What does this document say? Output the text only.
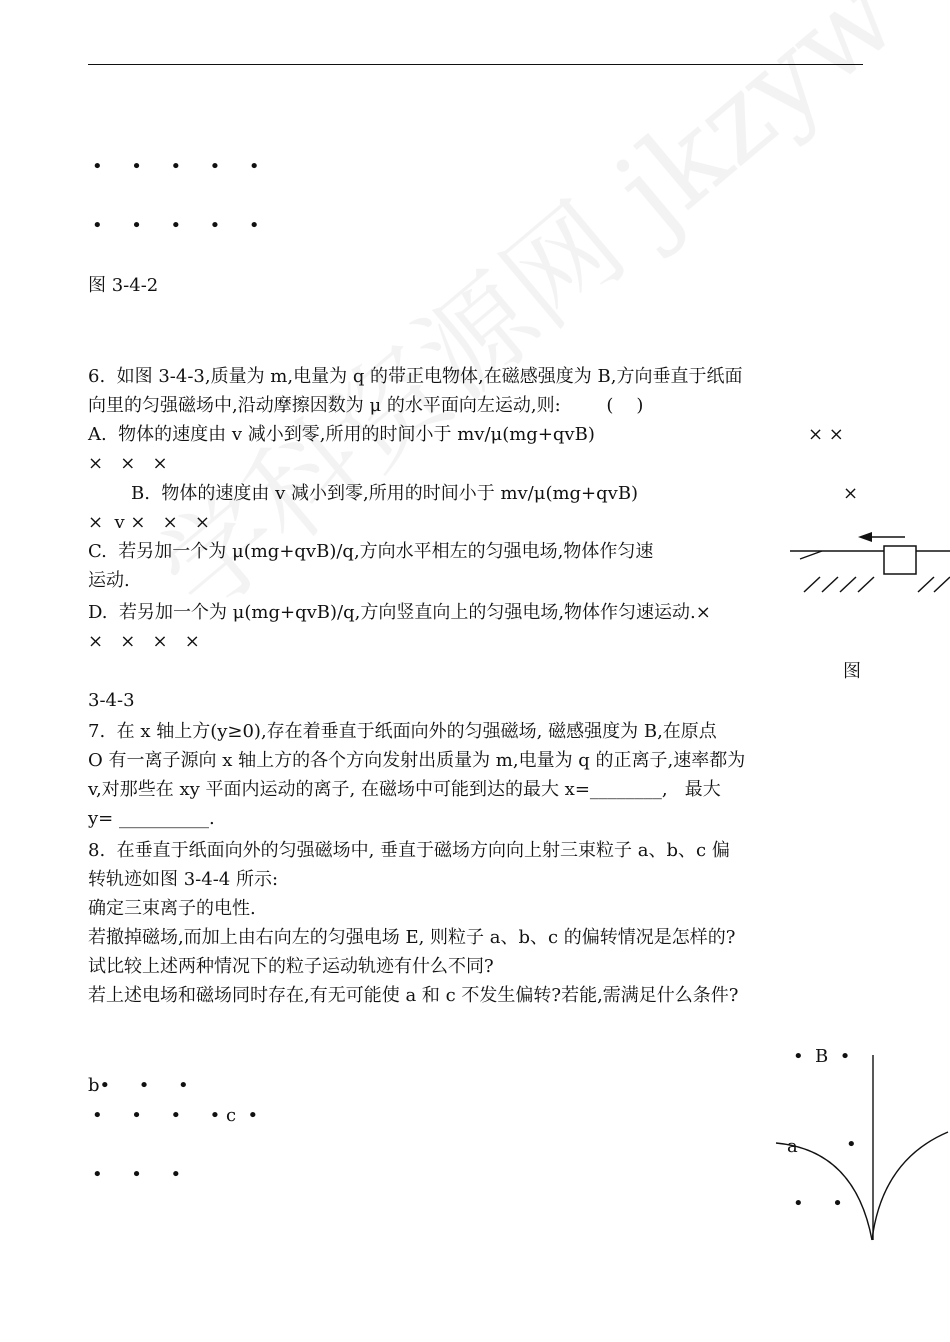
•     •     •     •     •
•     •     •     •     •
图 3-4-2
6.  如图 3-4-3,质量为 m,电量为 q 的带正电物体,在磁感强度为 B,方向垂直于纸面
向里的匀强磁场中,沿动摩擦因数为 μ 的水平面向左运动,则:        (    )
A.  物体的速度由 v 减小到零,所用的时间小于 mv/μ(mg+qvB)	× ×
×   ×   ×
B.  物体的速度由 v 减小到零,所用的时间小于 mv/μ(mg+qvB)	×
×  v ×   ×   ×
C.  若另加一个为 μ(mg+qvB)/q,方向水平相左的匀强电场,物体作匀速
运动.
D.  若另加一个为 μ(mg+qvB)/q,方向竖直向上的匀强电场,物体作匀速运动.×
×   ×   ×   ×
图
3-4-3
7.  在 x 轴上方(y≥0),存在着垂直于纸面向外的匀强磁场, 磁感强度为 B,在原点
O 有一离子源向 x 轴上方的各个方向发射出质量为 m,电量为 q 的正离子,速率都为
v,对那些在 xy 平面内运动的离子, 在磁场中可能到达的最大 x=________,   最大
y= __________.
8.  在垂直于纸面向外的匀强磁场中, 垂直于磁场方向向上射三束粒子 a、b、c 偏
转轨迹如图 3-4-4 所示:
确定三束离子的电性.
若撤掉磁场,而加上由右向左的匀强电场 E, 则粒子 a、b、c 的偏转情况是怎样的?
试比较上述两种情况下的粒子运动轨迹有什么不同?
若上述电场和磁场同时存在,有无可能使 a 和 c 不发生偏转?若能,需满足什么条件?
•  B  •
b•     •     •
•     •     •     • c  •
a	•
•     •     •
•     •
